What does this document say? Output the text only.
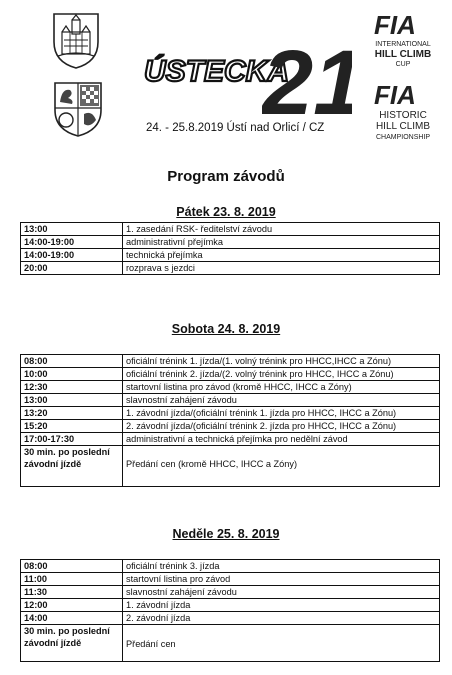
ÚSTECKÁ
2
FIA
INTERNATIONAL
HILL CLIMB
CUP
FIA
HISTORIC
HILL CLIMB
CHAMPIONSHIP
24. - 25.8.2019 Ústí nad Orlicí / CZ
Program závodů
Pátek 23. 8. 2019
13:00	1. zasedání RSK- ředitelství závodu
14:00-19:00	administrativní přejímka
14:00-19:00	technická přejímka
20:00	rozprava s jezdci
Sobota 24. 8. 2019
08:00	oficiální trénink 1. jízda/(1. volný trénink pro HHCC,IHCC a Zónu)
10:00	oficiální trénink 2. jízda/(2. volný trénink pro HHCC, IHCC a Zónu)
12:30	startovní listina pro závod (kromě HHCC, IHCC a Zóny)
13:00	slavnostní zahájení závodu
13:20	1. závodní jízda/(oficiální trénink 1. jízda pro HHCC, IHCC a Zónu)
15:20	2. závodní jízda/(oficiální trénink 2. jízda pro HHCC, IHCC a Zónu)
17:00-17:30	administrativní a technická přejímka pro nedělní závod

30 min. po poslední
závodní jízdě	Předání cen (kromě HHCC, IHCC a Zóny)
Neděle 25. 8. 2019
08:00	oficiální trénink 3. jízda
11:00	startovní listina pro závod
11:30	slavnostní zahájení závodu
12:00	1. závodní jízda
14:00	2. závodní jízda

30 min. po poslední
závodní jízdě	Předání cen
